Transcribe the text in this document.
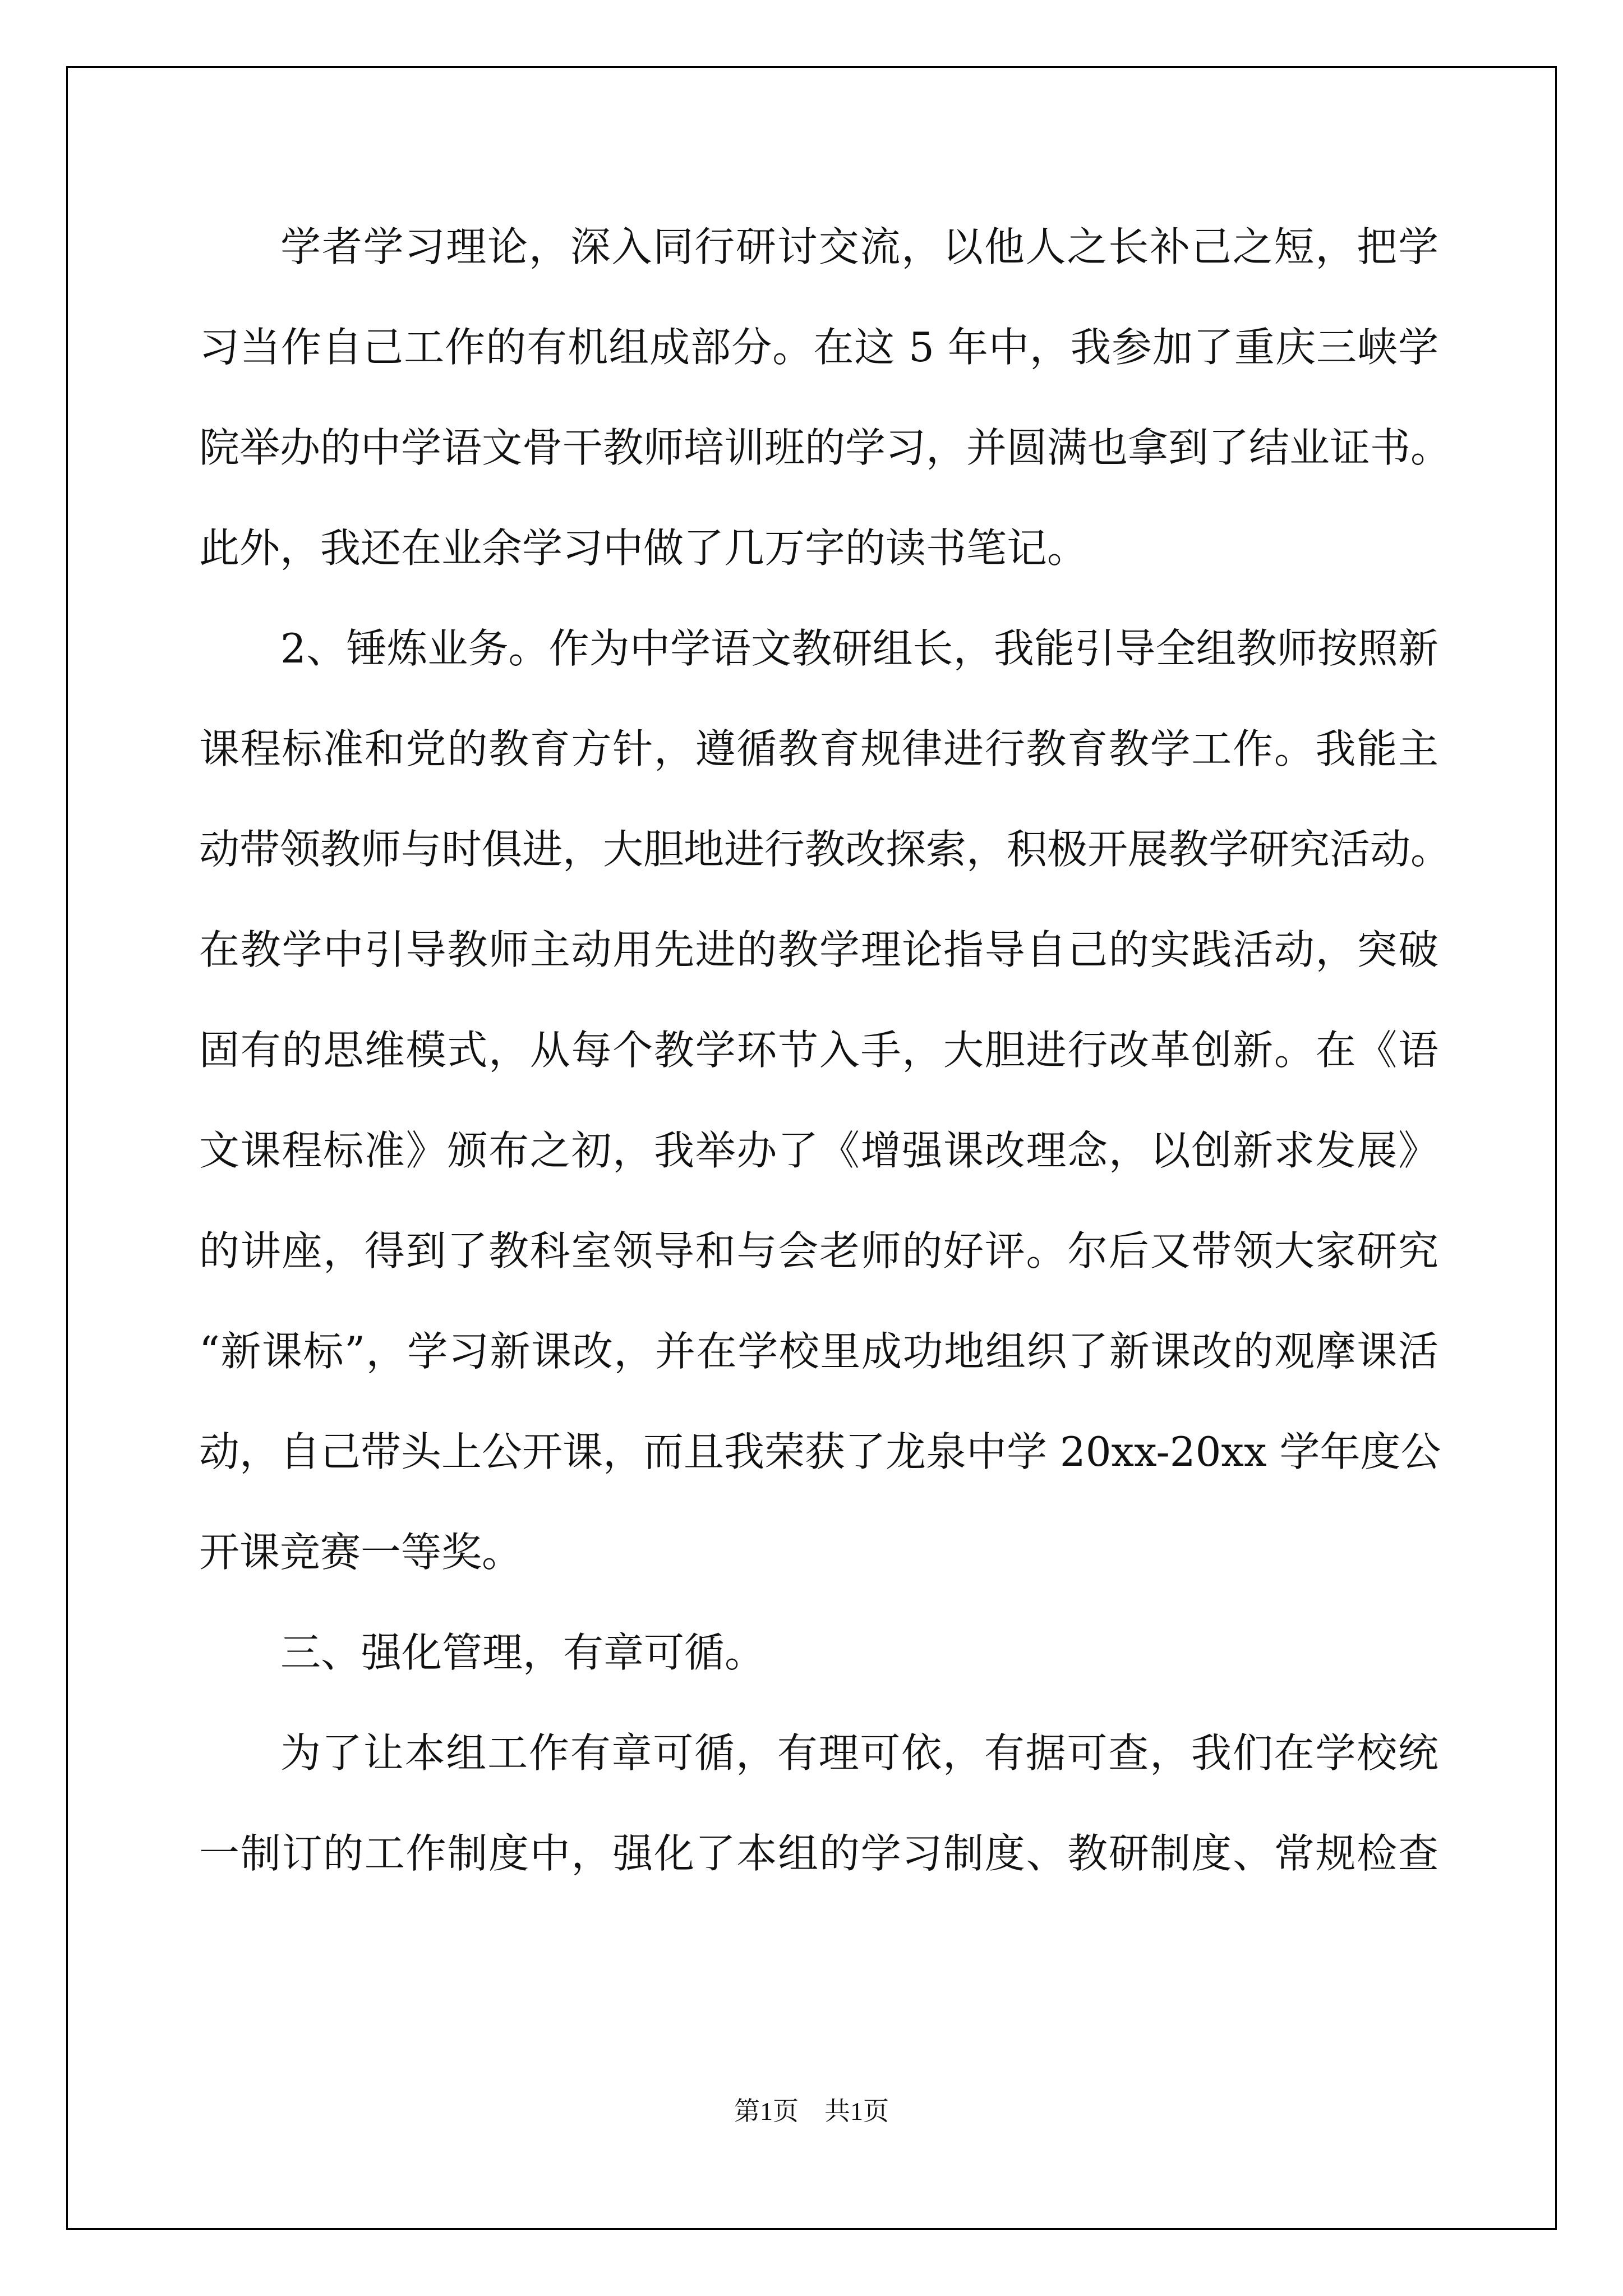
学者学习理论，深入同行研讨交流，以他人之长补己之短，把学
习当作自己工作的有机组成部分。在这 5 年中，我参加了重庆三峡学
院举办的中学语文骨干教师培训班的学习，并圆满也拿到了结业证书。
此外，我还在业余学习中做了几万字的读书笔记。
2、锤炼业务。作为中学语文教研组长，我能引导全组教师按照新
课程标准和党的教育方针，遵循教育规律进行教育教学工作。我能主
动带领教师与时俱进，大胆地进行教改探索，积极开展教学研究活动。
在教学中引导教师主动用先进的教学理论指导自己的实践活动，突破
固有的思维模式，从每个教学环节入手，大胆进行改革创新。在《语
文课程标准》颁布之初，我举办了《增强课改理念，以创新求发展》
的讲座，得到了教科室领导和与会老师的好评。尔后又带领大家研究
“新课标”，学习新课改，并在学校里成功地组织了新课改的观摩课活
动，自己带头上公开课，而且我荣获了龙泉中学 20xx-20xx 学年度公
开课竞赛一等奖。
三、强化管理，有章可循。
为了让本组工作有章可循，有理可依，有据可查，我们在学校统
一制订的工作制度中，强化了本组的学习制度、教研制度、常规检查
第1页　共1页
